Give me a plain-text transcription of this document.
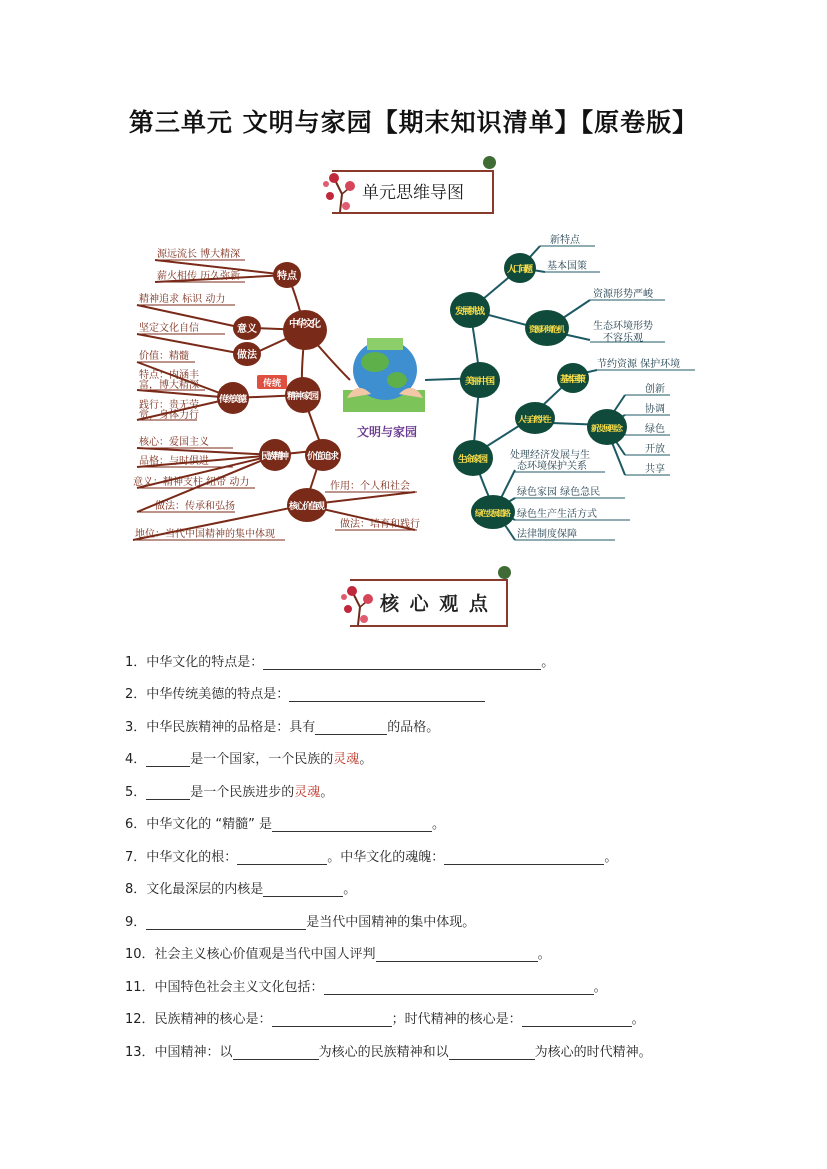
第三单元 文明与家园【期末知识清单】【原卷版】
单元思维导图
文明与家园
中华文化
特点
意义
做法
传统美德	精神家园
价值追求
民族精神
核心价值观
传统
源远流长 博大精深
薪火相传 历久弥新
精神追求 标识 动力
坚定文化自信
价值：精髓
特点：内涵丰
富，博大精深
践行：贵无劳
赏，身体力行
核心：爱国主义
品格：与时俱进
意义：精神支柱 纽带 动力
做法：传承和弘扬
作用：个人和社会
做法：培育和践行
地位：当代中国精神的集中体现
美丽中国
发展挑战
人口问题
资源环境危机
生命家园
人与自然共生
基本国策
新发展理念
绿色发展道路
新特点
基本国策
资源形势严峻
生态环境形势
不容乐观
节约资源 保护环境
创新
协调
绿色
开放
共享
处理经济发展与生
态环境保护关系
绿色家园 绿色急民
绿色生产生活方式
法律制度保障
核 心 观 点
1．中华文化的特点是：	。
2．中华传统美德的特点是：
3．中华民族精神的品格是：具有	的品格。
4．	是一个国家，一个民族的灵魂。
5．	是一个民族进步的灵魂。
6．中华文化的 “精髓” 是	。
7．中华文化的根：	。中华文化的魂魄：	。
8．文化最深层的内核是	。
9．	是当代中国精神的集中体现。
10．社会主义核心价值观是当代中国人评判	。
11．中国特色社会主义文化包括：	。
12．民族精神的核心是：	；时代精神的核心是：	。
13．中国精神：以	为核心的民族精神和以	为核心的时代精神。
